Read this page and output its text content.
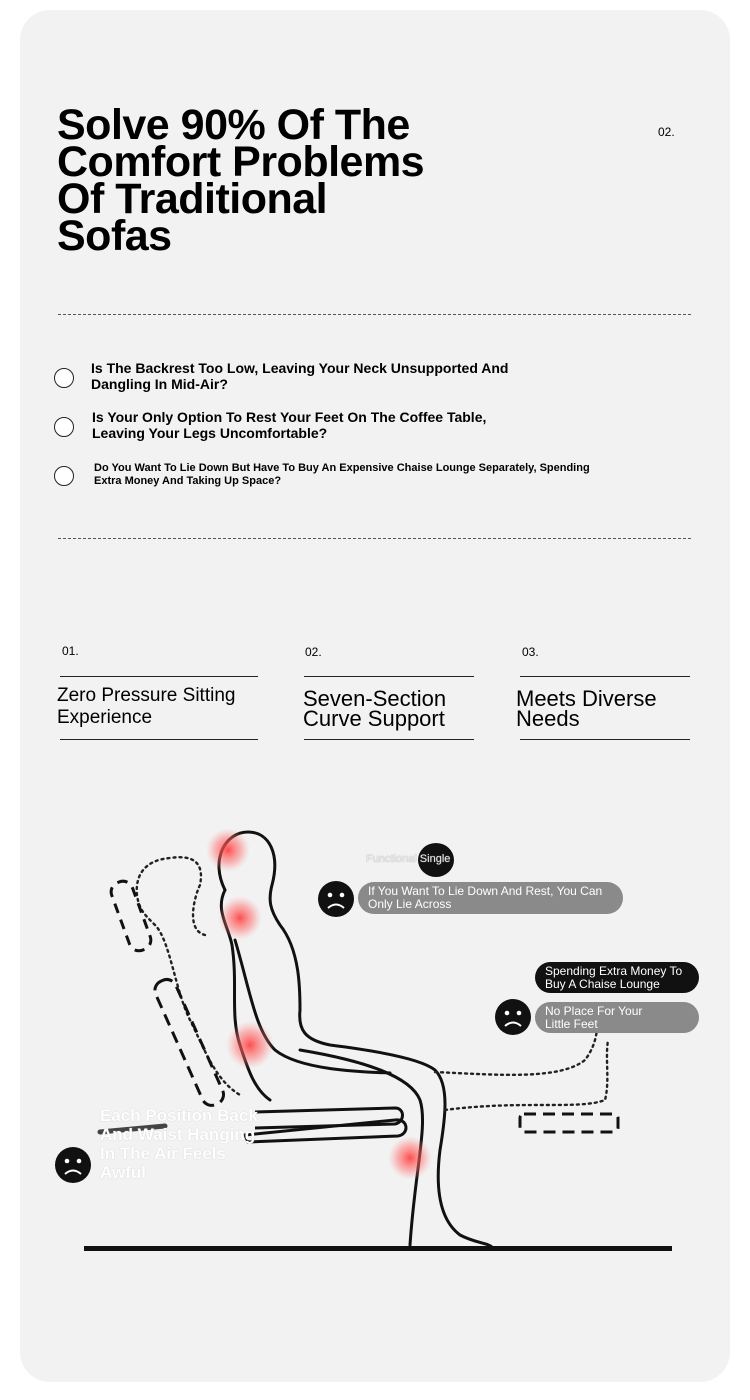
Solve 90% Of The
Comfort Problems
Of Traditional
Sofas
02.
Is The Backrest Too Low, Leaving Your Neck Unsupported And
Dangling In Mid-Air?
Is Your Only Option To Rest Your Feet On The Coffee Table,
Leaving Your Legs Uncomfortable?
Do You Want To Lie Down But Have To Buy An Expensive Chaise Lounge Separately, Spending
Extra Money And Taking Up Space?
01.
Zero Pressure Sitting
Experience
02.
Seven-Section
Curve Support
03.
Meets Diverse
Needs
Functional Single
If You Want To Lie Down And Rest, You Can
Only Lie Across
Spending Extra Money To
Buy A Chaise Lounge
No Place For Your
Little Feet
Each Position Back
And Waist Hanging
In The Air Feels
Awful
